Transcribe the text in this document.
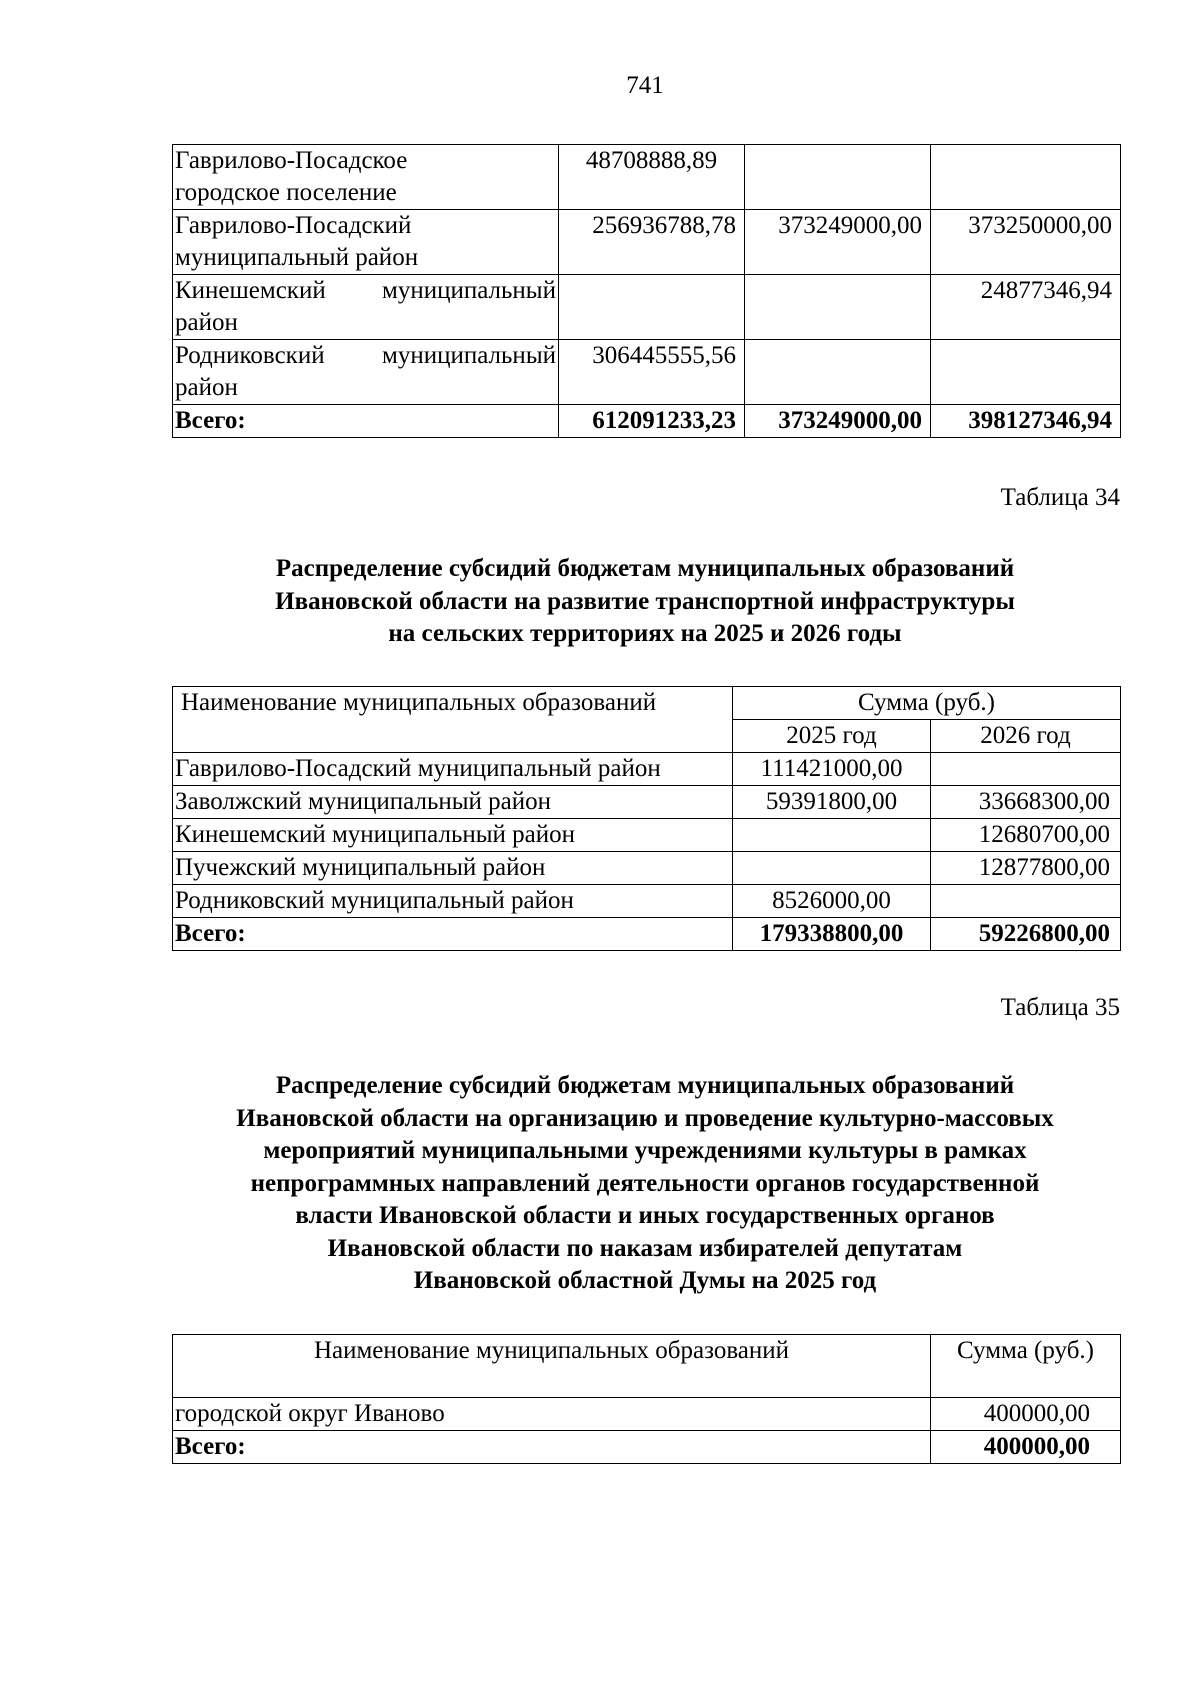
741
Гаврилово-Посадское
городское поселение	48708888,89		
Гаврилово-Посадский
муниципальный район	256936788,78	373249000,00	373250000,00

Кинешемский муниципальный
район			24877346,94

Родниковский муниципальный
район	306445555,56		
Всего:	612091233,23	373249000,00	398127346,94
Таблица 34
Распределение субсидий бюджетам муниципальных образований
Ивановской области на развитие транспортной инфраструктуры
на сельских территориях на 2025 и 2026 годы
Наименование муниципальных образований	Сумма (руб.)	
	2025 год	2026 год
Гаврилово-Посадский муниципальный район	111421000,00	
Заволжский муниципальный район	59391800,00	33668300,00
Кинешемский муниципальный район		12680700,00
Пучежский муниципальный район		12877800,00
Родниковский муниципальный район	8526000,00	
Всего:	179338800,00	59226800,00
Таблица 35
Распределение субсидий бюджетам муниципальных образований
Ивановской области на организацию и проведение культурно-массовых
мероприятий муниципальными учреждениями культуры в рамках
непрограммных направлений деятельности органов государственной
власти Ивановской области и иных государственных органов
Ивановской области по наказам избирателей депутатам
Ивановской областной Думы на 2025 год
Наименование муниципальных образований	Сумма (руб.)
городской округ Иваново	400000,00
Всего:	400000,00
